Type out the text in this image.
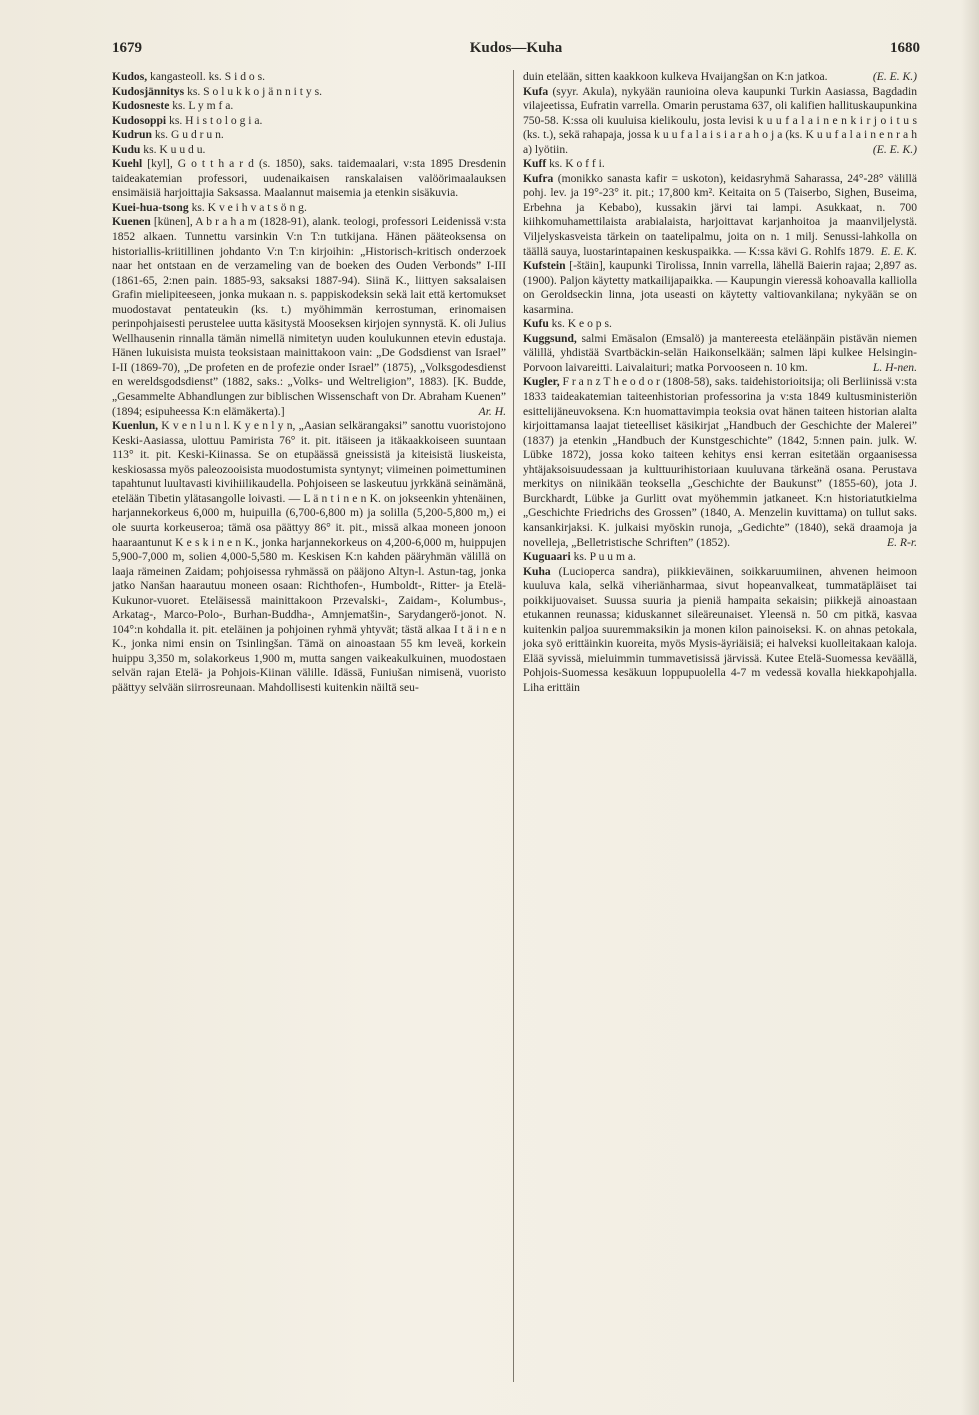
1679	Kudos—Kuha	1680

Kudos, kangasteoll. ks. S i d o s.

Kudosjännitys ks. S o l u k k o j ä n n i t y s.

Kudosneste ks. L y m f a.

Kudosoppi ks. H i s t o l o g i a.

Kudrun ks. G u d r u n.

Kudu ks. K u u d u.

Kuehl [kyl], G o t t h a r d (s. 1850), saks. taidemaalari, v:sta 1895 Dresdenin taideakatemian professori, uudenaikaisen ranskalaisen valöörimaalauksen ensimäisiä harjoittajia Saksassa. Maalannut maisemia ja etenkin sisäkuvia.

Kuei-hua-tsong ks. K v e i h v a t s ö n g.

Kuenen [künen], A b r a h a m (1828-91), alank. teologi, professori Leidenissä v:sta 1852 alkaen. Tunnettu varsinkin V:n T:n tutkijana. Hänen pääteoksensa on historiallis-kriitillinen johdanto V:n T:n kirjoihin: „Historisch-kritisch onderzoek naar het ontstaan en de verzameling van de boeken des Ouden Verbonds” I-III (1861-65, 2:nen pain. 1885-93, saksaksi 1887-94). Siinä K., liittyen saksalaisen Grafin mielipiteeseen, jonka mukaan n. s. pappiskodeksin sekä lait että kertomukset muodostavat pentateukin (ks. t.) myöhimmän kerrostuman, erinomaisen perinpohjaisesti perustelee uutta käsitystä Mooseksen kirjojen synnystä. K. oli Julius Wellhausenin rinnalla tämän nimellä nimitetyn uuden koulukunnen etevin edustaja. Hänen lukuisista muista teoksistaan mainittakoon vain: „De Godsdienst van Israel” I-II (1869-70), „De profeten en de profezie onder Israel” (1875), „Volksgodesdienst en wereldsgodsdienst” (1882, saks.: „Volks- und Weltreligion”, 1883). [K. Budde, „Gesammelte Abhandlungen zur biblischen Wissenschaft von Dr. Abraham Kuenen” (1894; esipuheessa K:n elämäkerta).]	Ar. H.

Kuenlun, K v e n l u n l. K y e n l y n, „Aasian selkärangaksi” sanottu vuoristojono Keski-Aasiassa, ulottuu Pamirista 76° it. pit. itäiseen ja itäkaakkoiseen suuntaan 113° it. pit. Keski-Kiinassa. Se on etupäässä gneissistä ja kiteisistä liuskeista, keskiosassa myös paleozooisista muodostumista syntynyt; viimeinen poimettuminen tapahtunut luultavasti kivihiilikaudella. Pohjoiseen se laskeutuu jyrkkänä seinämänä, etelään Tibetin ylätasangolle loivasti. — L ä n t i n e n K. on jokseenkin yhtenäinen, harjannekorkeus 6,000 m, huipuilla (6,700-6,800 m) ja solilla (5,200-5,800 m,) ei ole suurta korkeuseroa; tämä osa päättyy 86° it. pit., missä alkaa moneen jonoon haaraantunut K e s k i n e n K., jonka harjannekorkeus on 4,200-6,000 m, huippujen 5,900-7,000 m, solien 4,000-5,580 m. Keskisen K:n kahden pääryhmän välillä on laaja rämeinen Zaidam; pohjoisessa ryhmässä on pääjono Altyn-l. Astun-tag, jonka jatko Nanšan haarautuu moneen osaan: Richthofen-, Humboldt-, Ritter- ja Etelä-Kukunor-vuoret. Eteläisessä mainittakoon Przevalski-, Zaidam-, Kolumbus-, Arkatag-, Marco-Polo-, Burhan-Buddha-, Amnjematšin-, Sarydangerö-jonot. N. 104°:n kohdalla it. pit. eteläinen ja pohjoinen ryhmä yhtyvät; tästä alkaa I t ä i n e n K., jonka nimi ensin on Tsinlingšan. Tämä on ainoastaan 55 km leveä, korkein huippu 3,350 m, solakorkeus 1,900 m, mutta sangen vaikeakulkuinen, muodostaen selvän rajan Etelä- ja Pohjois-Kiinan välille. Idässä, Funiušan nimisenä, vuoristo päättyy selvään siirrosreunaan. Mahdollisesti kuitenkin näiltä seu-

duin etelään, sitten kaakkoon kulkeva Hvaijangšan on K:n jatkoa.	(E. E. K.)

Kufa (syyr. Akula), nykyään raunioina oleva kaupunki Turkin Aasiassa, Bagdadin vilajeetissa, Eufratin varrella. Omarin perustama 637, oli kalifien hallituskaupunkina 750-58. K:ssa oli kuuluisa kielikoulu, josta levisi k u u f a l a i n e n k i r j o i t u s (ks. t.), sekä rahapaja, jossa k u u f a l a i s i a r a h o j a (ks. K u u f a l a i n e n r a h a) lyötiin.	(E. E. K.)

Kuff ks. K o f f i.

Kufra (monikko sanasta kafir = uskoton), keidasryhmä Saharassa, 24°-28° välillä pohj. lev. ja 19°-23° it. pit.; 17,800 km². Keitaita on 5 (Taiserbo, Sighen, Buseima, Erbehna ja Kebabo), kussakin järvi tai lampi. Asukkaat, n. 700 kiihkomuhamettilaista arabialaista, harjoittavat karjanhoitoa ja maanviljelystä. Viljelyskasveista tärkein on taatelipalmu, joita on n. 1 milj. Senussi-lahkolla on täällä sauya, luostarintapainen keskuspaikka. — K:ssa kävi G. Rohlfs 1879. E. E. K.

Kufstein [-štäin], kaupunki Tirolissa, Innin varrella, lähellä Baierin rajaa; 2,897 as. (1900). Paljon käytetty matkailijapaikka. — Kaupungin vieressä kohoavalla kalliolla on Geroldseckin linna, jota useasti on käytetty valtiovankilana; nykyään se on kasarmina.

Kufu ks. K e o p s.

Kuggsund, salmi Emäsalon (Emsalö) ja mantereesta eteläänpäin pistävän niemen välillä, yhdistää Svartbäckin-selän Haikonselkään; salmen läpi kulkee Helsingin-Porvoon laivareitti. Laivalaituri; matka Porvooseen n. 10 km.	L. H-nen.

Kugler, F r a n z T h e o d o r (1808-58), saks. taidehistorioitsija; oli Berliinissä v:sta 1833 taideakatemian taiteenhistorian professorina ja v:sta 1849 kultusministeriön esittelijäneuvoksena. K:n huomattavimpia teoksia ovat hänen taiteen historian alalta kirjoittamansa laajat tieteelliset käsikirjat „Handbuch der Geschichte der Malerei” (1837) ja etenkin „Handbuch der Kunstgeschichte” (1842, 5:nnen pain. julk. W. Lübke 1872), jossa koko taiteen kehitys ensi kerran esitetään orgaanisessa yhtäjaksoisuudessaan ja kulttuurihistoriaan kuuluvana tärkeänä osana. Perustava merkitys on niinikään teoksella „Geschichte der Baukunst” (1855-60), jota J. Burckhardt, Lübke ja Gurlitt ovat myöhemmin jatkaneet. K:n historiatutkielma „Geschichte Friedrichs des Grossen” (1840, A. Menzelin kuvittama) on tullut saks. kansankirjaksi. K. julkaisi myöskin runoja, „Gedichte” (1840), sekä draamoja ja novelleja, „Belletristische Schriften” (1852).	E. R-r.

Kuguaari ks. P u u m a.

Kuha (Lucioperca sandra), piikkieväinen, soikkaruumiinen, ahvenen heimoon kuuluva kala, selkä viheriänharmaa, sivut hopeanvalkeat, tummatäpläiset tai poikkijuovaiset. Suussa suuria ja pieniä hampaita sekaisin; piikkejä ainoastaan etukannen reunassa; kiduskannet sileäreunaiset. Yleensä n. 50 cm pitkä, kasvaa kuitenkin paljoa suuremmaksikin ja monen kilon painoiseksi. K. on ahnas petokala, joka syö erittäinkin kuoreita, myös Mysis-äyriäisiä; ei halveksi kuolleitakaan kaloja. Elää syvissä, mieluimmin tummavetisissä järvissä. Kutee Etelä-Suomessa keväällä, Pohjois-Suomessa kesäkuun loppupuolella 4-7 m vedessä kovalla hiekkapohjalla. Liha erittäin
